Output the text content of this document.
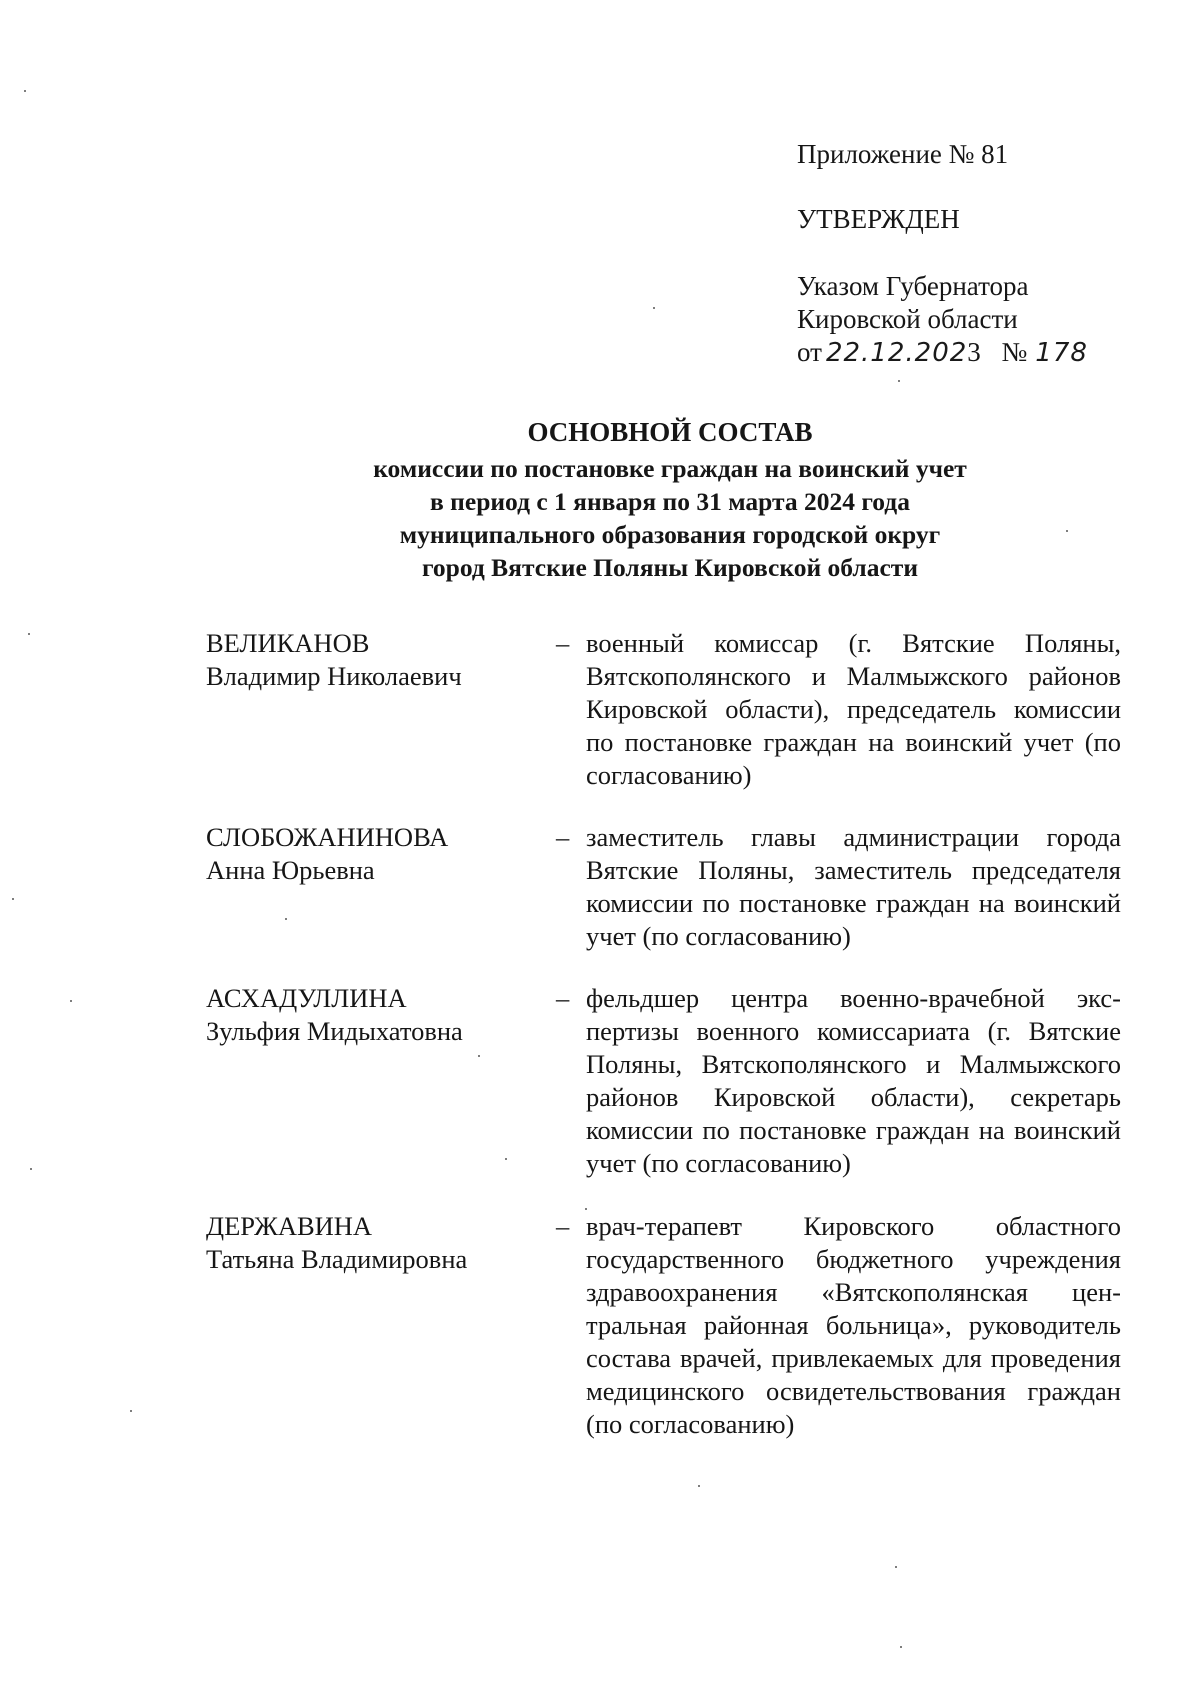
Приложение № 81
УТВЕРЖДЕН
Указом Губернатора
Кировской области
от 22.12.2023 № 178
ОСНОВНОЙ СОСТАВ
комиссии по постановке граждан на воинский учет
в период с 1 января по 31 марта 2024 года
муниципального образования городской округ
город Вятские Поляны Кировской области
ВЕЛИКАНОВ
Владимир Николаевич
– военный комиссар (г. Вятские Поляны, Вятскополянского и Малмыжского районов Кировской области), председатель комиссии по постановке граждан на воинский учет (по согласованию)
СЛОБОЖАНИНОВА
Анна Юрьевна
– заместитель главы администрации города Вятские Поляны, заместитель председателя комиссии по постановке граждан на воинский учет (по согласованию)
АСХАДУЛЛИНА
Зульфия Мидыхатовна
– фельдшер центра военно-врачебной экспертизы военного комиссариата (г. Вятские Поляны, Вятскополянского и Малмыжского районов Кировской области), секретарь комиссии по постановке граждан на воинский учет (по согласованию)
ДЕРЖАВИНА
Татьяна Владимировна
– врач-терапевт Кировского областного государственного бюджетного учреждения здравоохранения «Вятскополянская центральная районная больница», руководитель состава врачей, привлекаемых для проведения медицинского освидетельствования граждан (по согласованию)
